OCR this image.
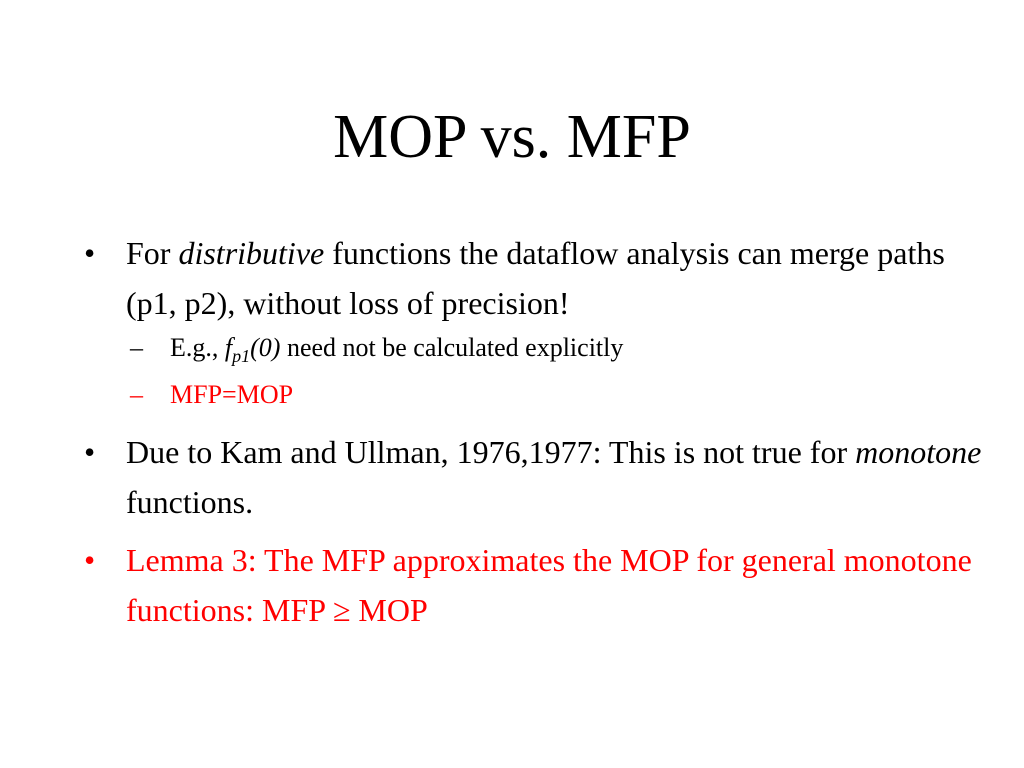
MOP vs. MFP
• For distributive functions the dataflow analysis can merge paths (p1, p2), without loss of precision!
– E.g., $f_{p1}(0)$ need not be calculated explicitly
– MFP=MOP
• Due to Kam and Ullman, 1976,1977: This is not true for monotone functions.
• Lemma 3: The MFP approximates the MOP for general monotone functions: MFP ≥ MOP
